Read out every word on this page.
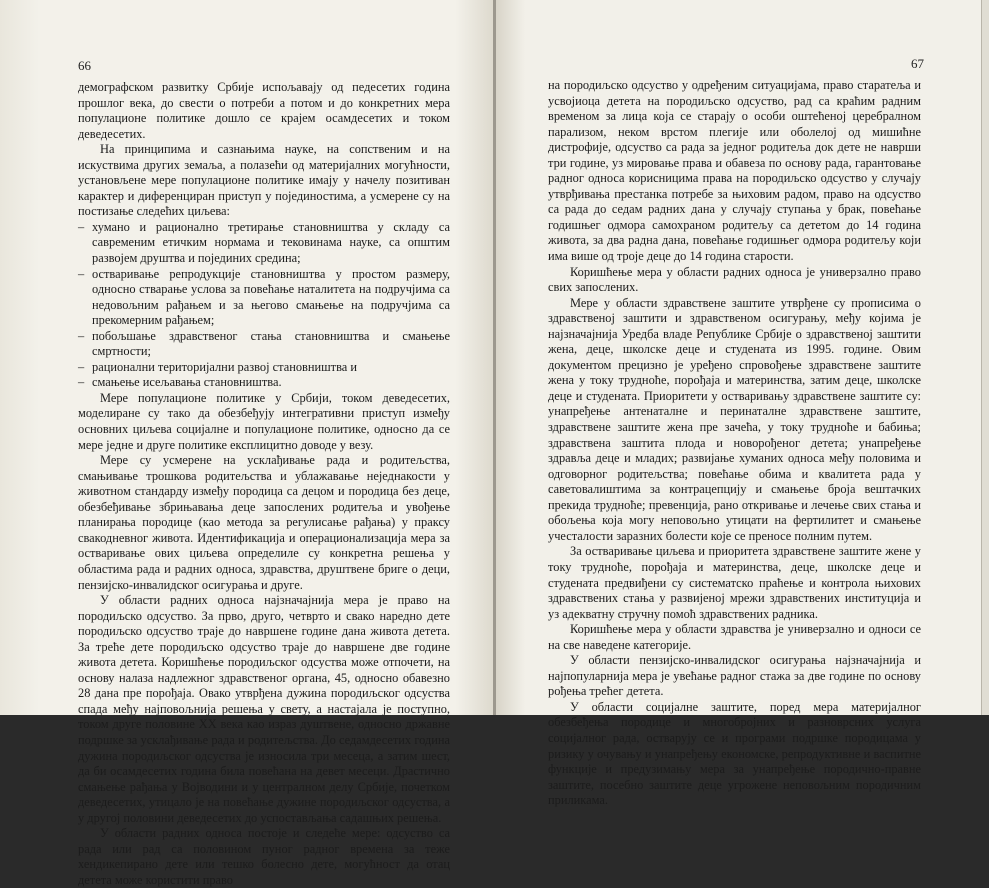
66

демографском развитку Србије испољавају од педесетих година прошлог века, до свести о потреби а потом и до конкретних мера популационе политике дошло се крајем осамдесетих и током деведесетих.

На принципима и сазнањима науке, на сопственим и на искуствима других земаља, а полазећи од материјалних могућности, установљене мере популационе политике имају у начелу позитиван карактер и диференциран приступ у појединостима, а усмерене су на постизање следећих циљева:

– хумано и рационално третирање становништва у складу са савременим етичким нормама и тековинама науке, са општим развојем друштва и појединих средина;
– остваривање репродукције становништва у простом размеру, односно стварање услова за повећање наталитета на подручјима са недовољним рађањем и за његово смањење на подручјима са прекомерним рађањем;
– побољшање здравственог стања становништва и смањење смртности;
– рационални територијални развој становништва и
– смањење исељавања становништва.

Мере популационе политике у Србији, током деведесетих, моделиране су тако да обезбеђују интегративни приступ између основних циљева социјалне и популационе политике, односно да се мере једне и друге политике експлицитно доводе у везу.

Мере су усмерене на усклађивање рада и родитељства, смањивање трошкова родитељства и ублажавање неједнакости у животном стандарду између породица са децом и породица без деце, обезбеђивање збрињавања деце запослених родитеља и увођење планирања породице (као метода за регулисање рађања) у праксу свакодневног живота. Идентификација и операционализација мера за остваривање ових циљева определиле су конкретна решења у областима рада и радних односа, здравства, друштвене бриге о деци, пензијско-инвалидског осигурања и друге.

У области радних односа најзначајнија мера је право на породиљско одсуство. За прво, друго, четврто и свако наредно дете породиљско одсуство траје до навршене године дана живота детета. За треће дете породиљско одсуство траје до навршене две године живота детета. Коришћење породиљског одсуства може отпочети, на основу налаза надлежног здравственог органа, 45, односно обавезно 28 дана пре порођаја. Овако утврђена дужина породиљског одсуства спада међу најповољнија решења у свету, а настајала је поступно, током друге половине XX века као израз душтвене, односно државне подршке за усклађивање рада и родитељства. До седамдесетих година дужина породиљског одсуства је износила три месеца, а затим шест, да би осамдесетих година била повећана на девет месеци. Драстично смањење рађања у Војводини и у централном делу Србије, почетком деведесетих, утицало је на повећање дужине породиљског одсуства, а у другој половини деведесетих до успостављања садашњих решења.

У области радних односа постоје и следеће мере: одсуство са рада или рад са половином пуног радног времена за теже хендикепирано дете или тешко болесно дете, могућност да отац детета може користити право

67

на породиљско одсуство у одређеним ситуацијама, право старатеља и усвојиоца детета на породиљско одсуство, рад са краћим радним временом за лица која се старају о особи оштећеној церебралном парализом, неком врстом плегије или оболелој од мишићне дистрофије, одсуство са рада за једног родитеља док дете не наврши три године, уз мировање права и обавеза по основу рада, гарантовање радног односа корисницима права на породиљско одсуство у случају утврђивања престанка потребе за њиховим радом, право на одсуство са рада до седам радних дана у случају ступања у брак, повећање годишњег одмора самохраном родитељу са дететом до 14 година живота, за два радна дана, повећање годишњег одмора родитељу који има више од троје деце до 14 година старости.

Коришћење мера у области радних односа је универзално право свих запослених.

Мере у области здравствене заштите утврђене су прописима о здравственој заштити и здравственом осигурању, међу којима је најзначајнија Уредба владе Републике Србије о здравственој заштити жена, деце, школске деце и студената из 1995. године. Овим документом прецизно је уређено спровођење здравствене заштите жена у току трудноће, порођаја и материнства, затим деце, школске деце и студената. Приоритети у остваривању здравствене заштите су: унапређење антенаталне и перинаталне здравствене заштите, здравствене заштите жена пре зачећа, у току трудноће и бабиња; здравствена заштита плода и новорођеног детета; унапређење здравља деце и младих; развијање хуманих односа међу половима и одговорног родитељства; повећање обима и квалитета рада у саветовалиштима за контрацепцију и смањење броја вештачких прекида трудноће; превенција, рано откривање и лечење свих стања и обољења која могу неповољно утицати на фертилитет и смањење учесталости заразних болести које се преносе полним путем.

За остваривање циљева и приоритета здравствене заштите жене у току трудноће, порођаја и материнства, деце, школске деце и студената предвиђени су систематско праћење и контрола њихових здравствених стања у развијеној мрежи здравствених институција и уз адекватну стручну помоћ здравствених радника.

Коришћење мера у области здравства је универзално и односи се на све наведене категорије.

У области пензијско-инвалидског осигурања најзначајнија и најпопуларнија мера је увећање радног стажа за две године по основу рођења трећег детета.

У области социјалне заштите, поред мера материјалног обезбеђења породице и многобројних и разноврсних услуга социјалног рада, остварују се и програми подршке породицама у ризику у очувању и унапређењу економске, репродуктивне и васпитне функције и предузимању мера за унапређење породично-правне заштите, посебно заштите деце угрожене неповољним породичним приликама.
